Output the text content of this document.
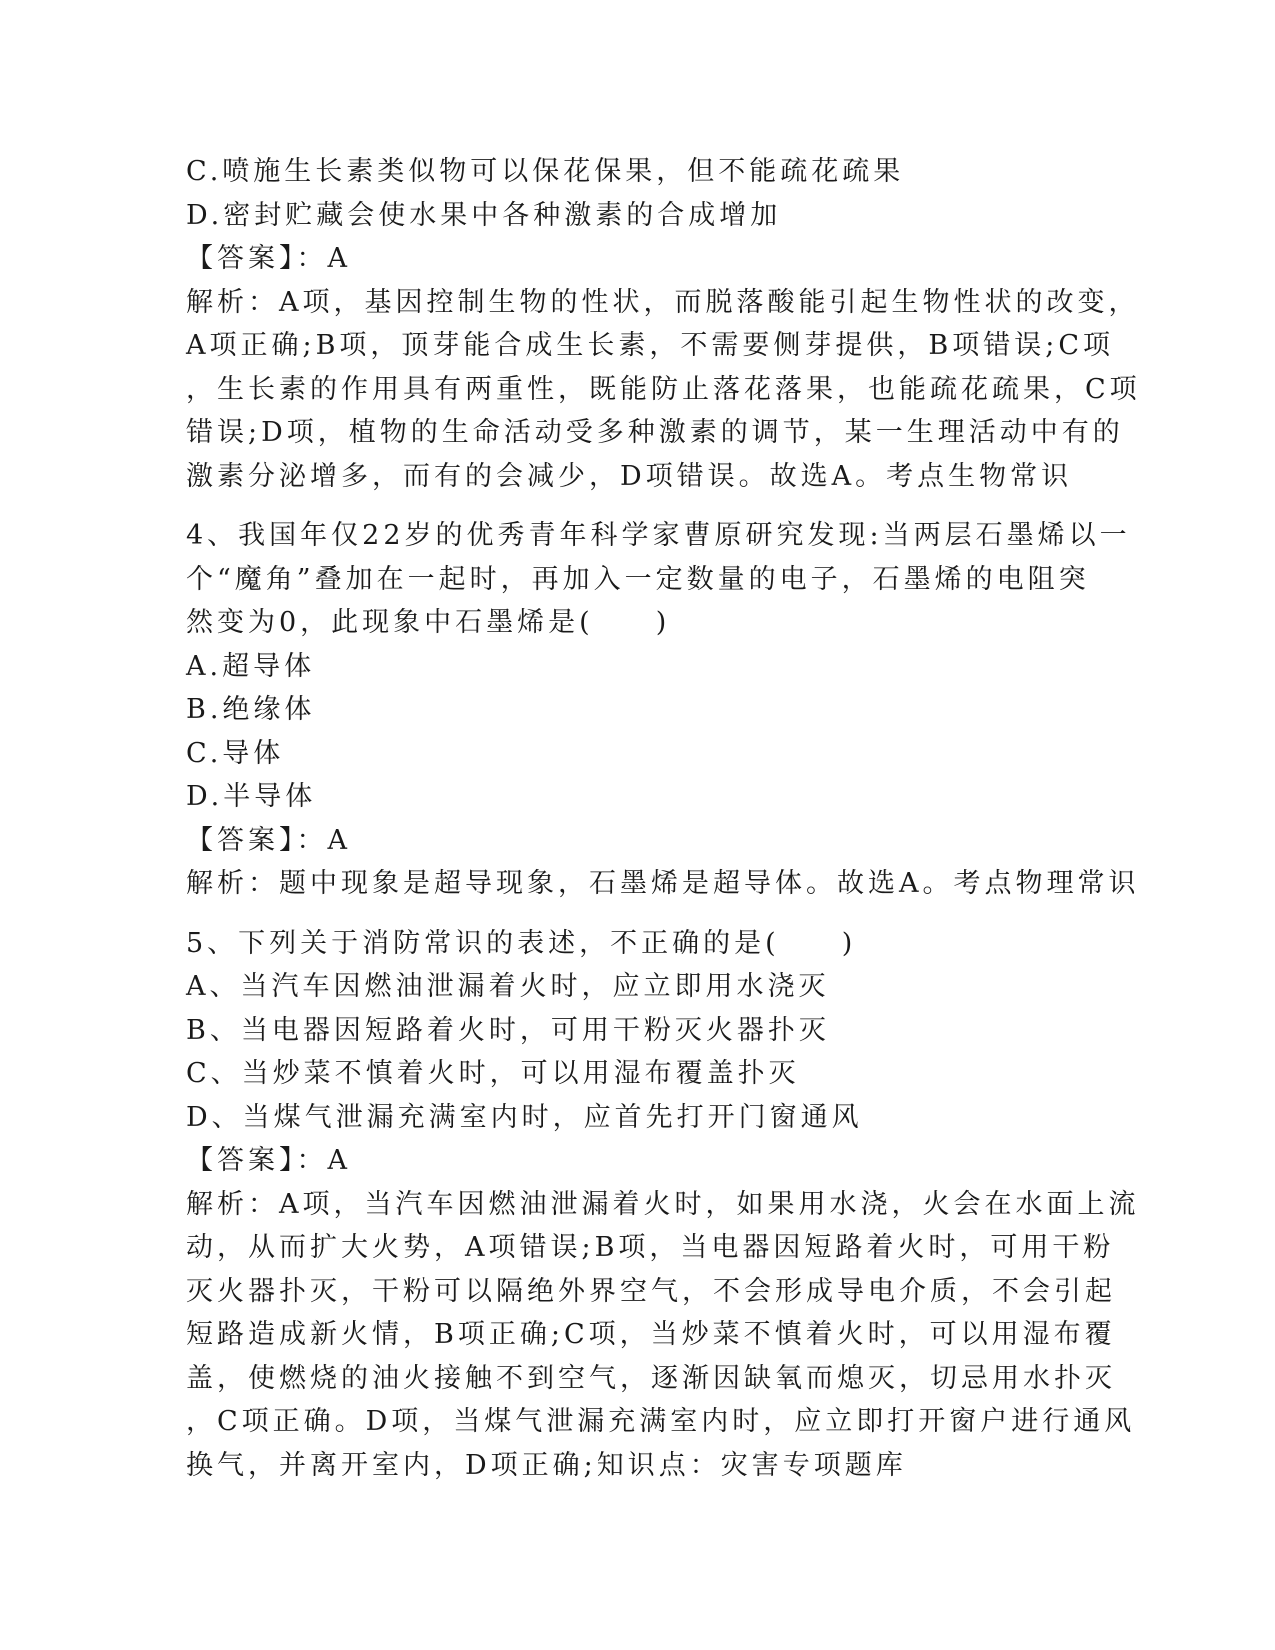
C.喷施生长素类似物可以保花保果，但不能疏花疏果

D.密封贮藏会使水果中各种激素的合成增加

【答案】：A

解析：A项，基因控制生物的性状，而脱落酸能引起生物性状的改变，

A项正确;B项，顶芽能合成生长素，不需要侧芽提供，B项错误;C项

，生长素的作用具有两重性，既能防止落花落果，也能疏花疏果，C项

错误;D项，植物的生命活动受多种激素的调节，某一生理活动中有的

激素分泌增多，而有的会减少，D项错误。故选A。考点生物常识

4、我国年仅22岁的优秀青年科学家曹原研究发现:当两层石墨烯以一

个“魔角”叠加在一起时，再加入一定数量的电子，石墨烯的电阻突

然变为0，此现象中石墨烯是(　　)

A.超导体

B.绝缘体

C.导体

D.半导体

【答案】：A

解析：题中现象是超导现象，石墨烯是超导体。故选A。考点物理常识

5、下列关于消防常识的表述，不正确的是(　　)

A、当汽车因燃油泄漏着火时，应立即用水浇灭

B、当电器因短路着火时，可用干粉灭火器扑灭

C、当炒菜不慎着火时，可以用湿布覆盖扑灭

D、当煤气泄漏充满室内时，应首先打开门窗通风

【答案】：A

解析：A项，当汽车因燃油泄漏着火时，如果用水浇，火会在水面上流

动，从而扩大火势，A项错误;B项，当电器因短路着火时，可用干粉

灭火器扑灭，干粉可以隔绝外界空气，不会形成导电介质，不会引起

短路造成新火情，B项正确;C项，当炒菜不慎着火时，可以用湿布覆

盖，使燃烧的油火接触不到空气，逐渐因缺氧而熄灭，切忌用水扑灭

，C项正确。D项，当煤气泄漏充满室内时，应立即打开窗户进行通风

换气，并离开室内，D项正确;知识点：灾害专项题库
